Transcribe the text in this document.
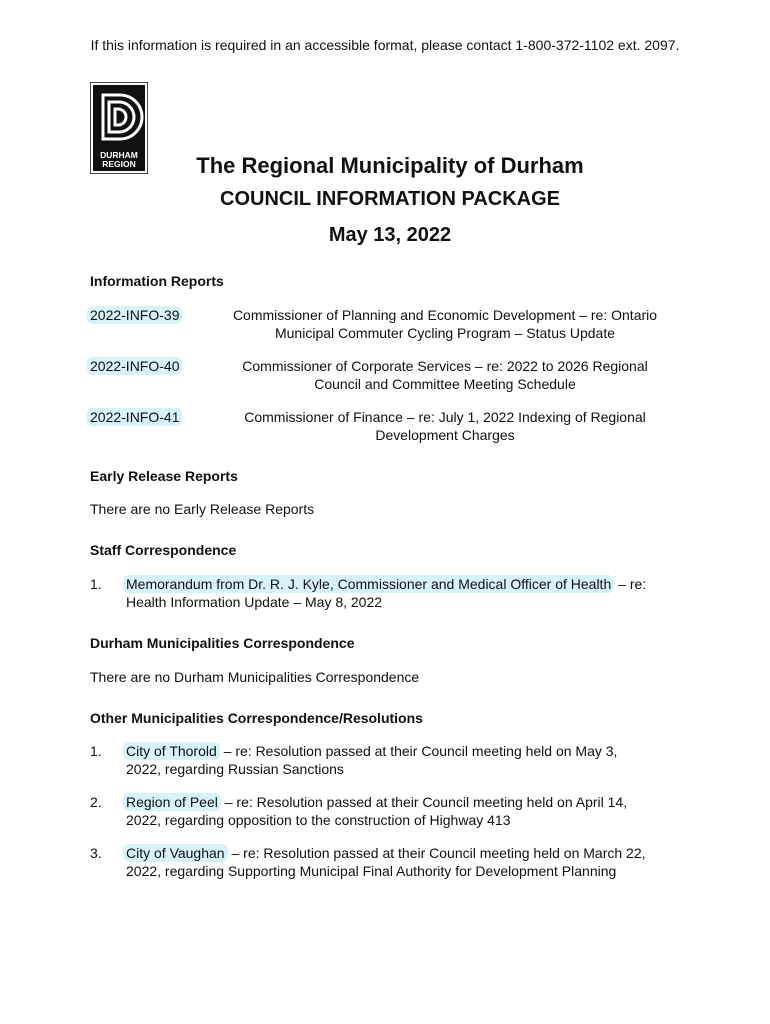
If this information is required in an accessible format, please contact 1-800-372-1102 ext. 2097.
DURHAM
REGION	The Regional Municipality of Durham
COUNCIL INFORMATION PACKAGE
May 13, 2022
Information Reports
2022-INFO-39	Commissioner of Planning and Economic Development – re: Ontario
Municipal Commuter Cycling Program – Status Update
2022-INFO-40	Commissioner of Corporate Services – re: 2022 to 2026 Regional
Council and Committee Meeting Schedule
2022-INFO-41	Commissioner of Finance – re: July 1, 2022 Indexing of Regional
Development Charges
Early Release Reports
There are no Early Release Reports
Staff Correspondence
1. Memorandum from Dr. R. J. Kyle, Commissioner and Medical Officer of Health – re:
Health Information Update – May 8, 2022
Durham Municipalities Correspondence
There are no Durham Municipalities Correspondence
Other Municipalities Correspondence/Resolutions
1. City of Thorold – re: Resolution passed at their Council meeting held on May 3,
2022, regarding Russian Sanctions
2. Region of Peel – re: Resolution passed at their Council meeting held on April 14,
2022, regarding opposition to the construction of Highway 413
3. City of Vaughan – re: Resolution passed at their Council meeting held on March 22,
2022, regarding Supporting Municipal Final Authority for Development Planning
